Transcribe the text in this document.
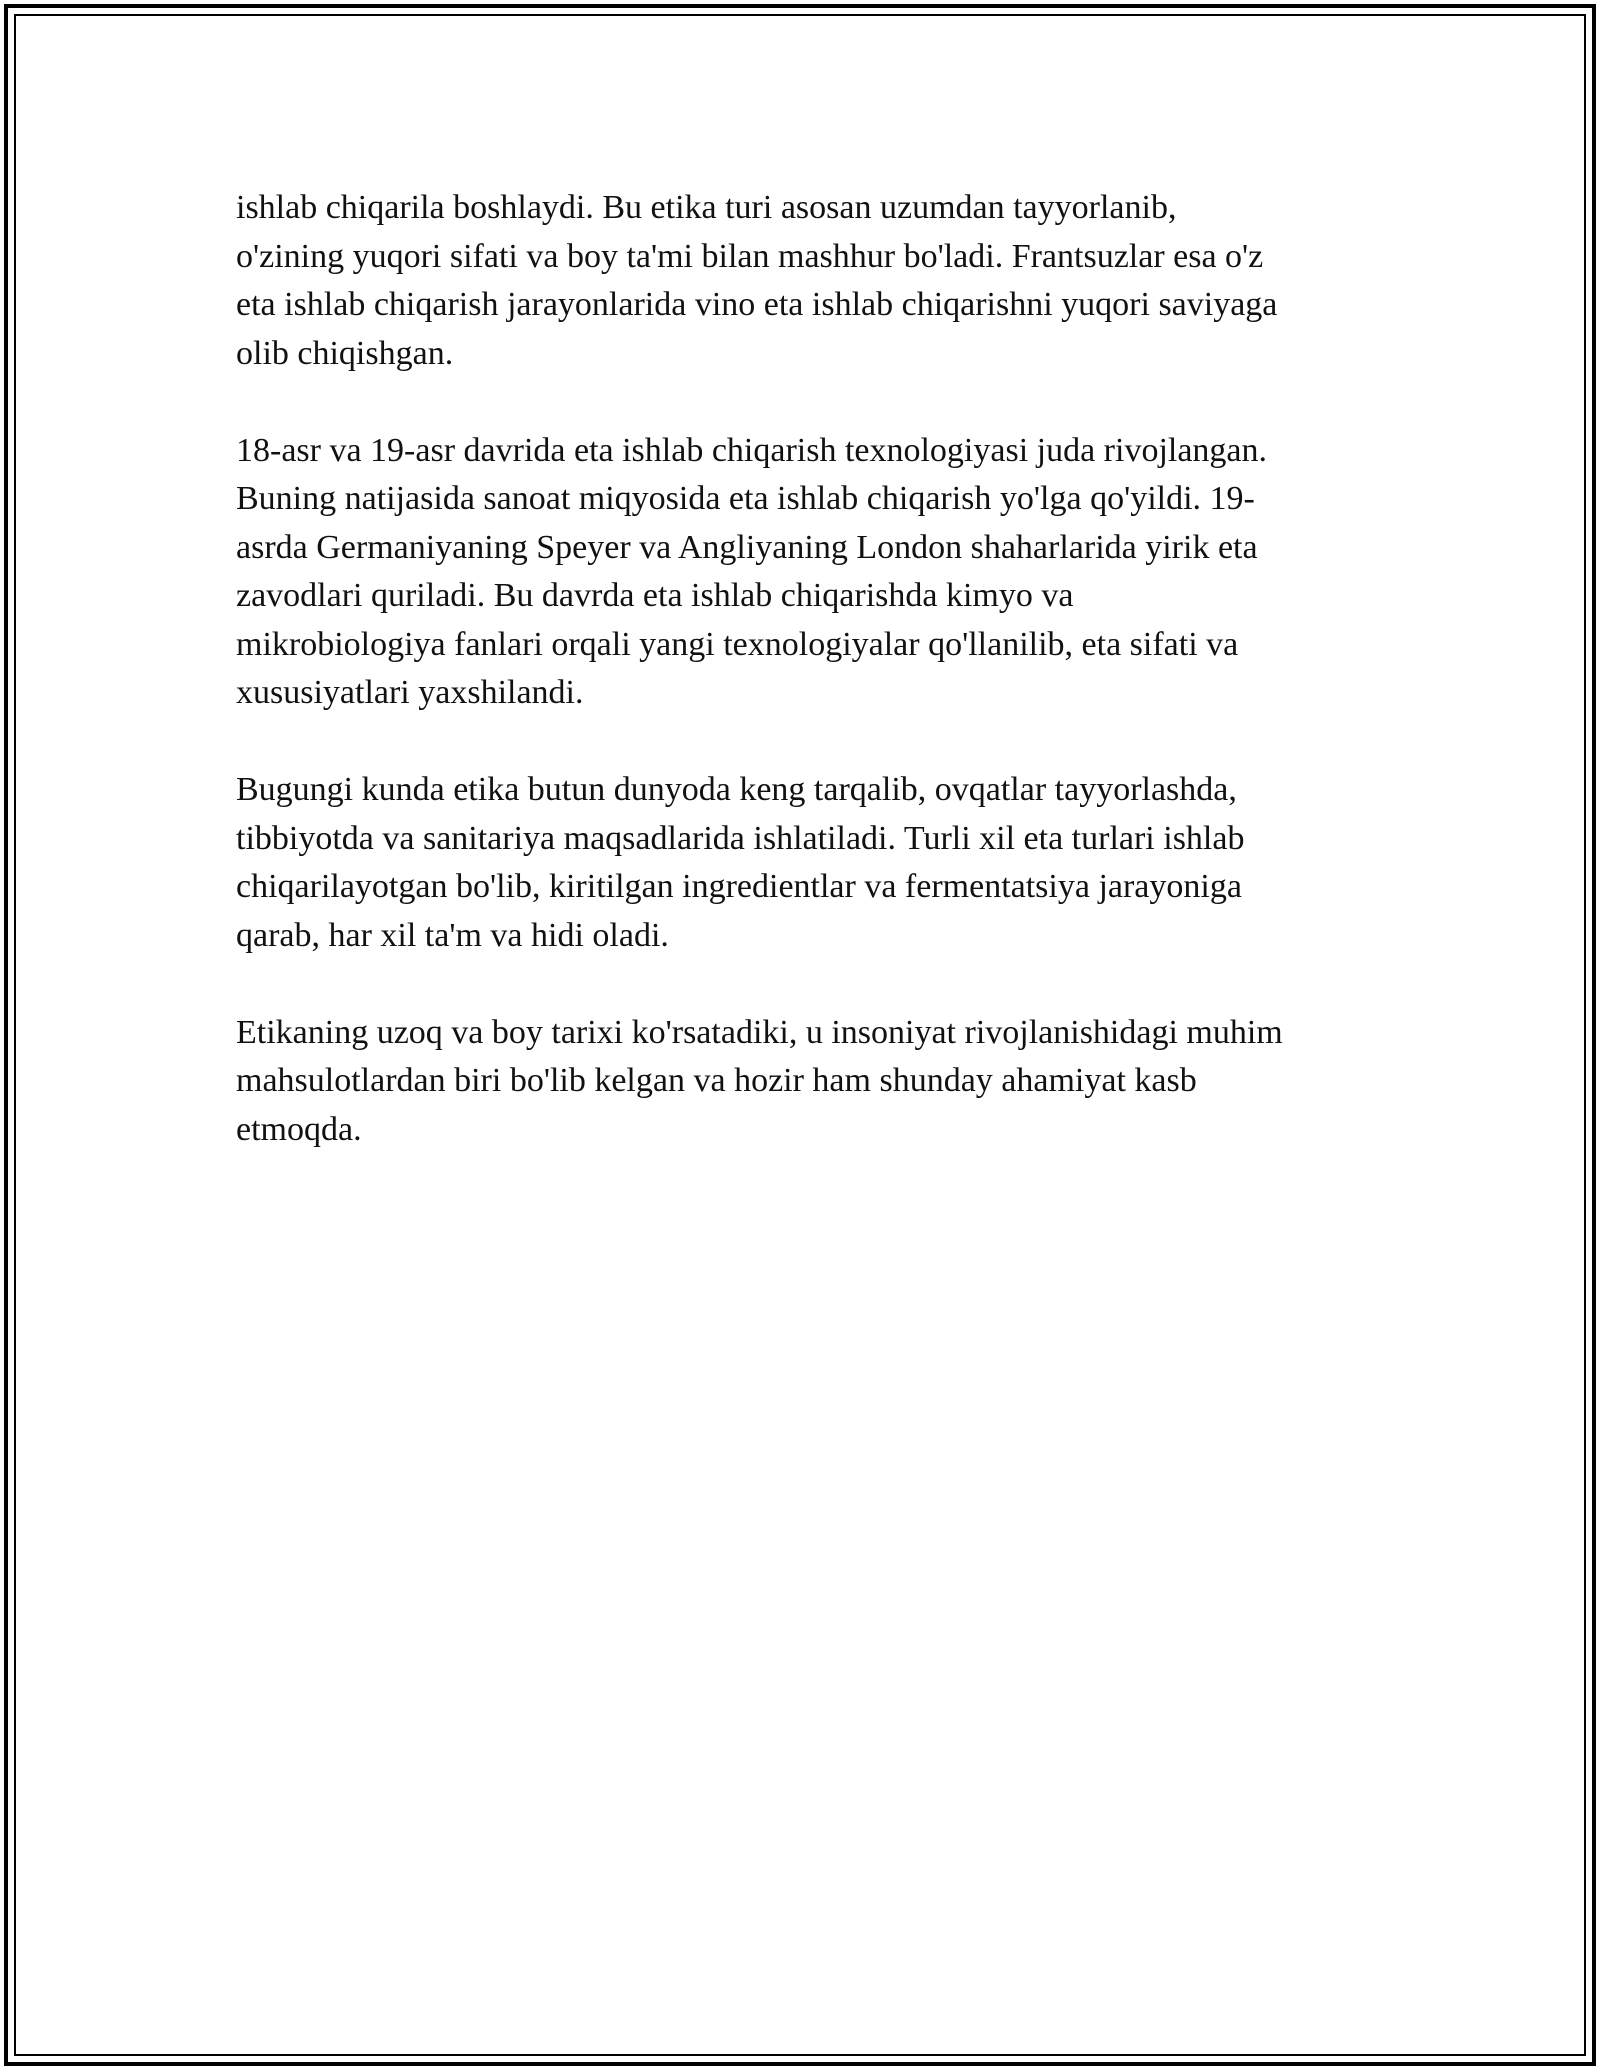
ishlab chiqarila boshlaydi. Bu etika turi asosan uzumdan tayyorlanib,
o'zining yuqori sifati va boy ta'mi bilan mashhur bo'ladi. Frantsuzlar esa o'z
eta ishlab chiqarish jarayonlarida vino eta ishlab chiqarishni yuqori saviyaga
olib chiqishgan.

18-asr va 19-asr davrida eta ishlab chiqarish texnologiyasi juda rivojlangan.
Buning natijasida sanoat miqyosida eta ishlab chiqarish yo'lga qo'yildi. 19-
asrda Germaniyaning Speyer va Angliyaning London shaharlarida yirik eta
zavodlari quriladi. Bu davrda eta ishlab chiqarishda kimyo va
mikrobiologiya fanlari orqali yangi texnologiyalar qo'llanilib, eta sifati va
xususiyatlari yaxshilandi.

Bugungi kunda etika butun dunyoda keng tarqalib, ovqatlar tayyorlashda,
tibbiyotda va sanitariya maqsadlarida ishlatiladi. Turli xil eta turlari ishlab
chiqarilayotgan bo'lib, kiritilgan ingredientlar va fermentatsiya jarayoniga
qarab, har xil ta'm va hidi oladi.

Etikaning uzoq va boy tarixi ko'rsatadiki, u insoniyat rivojlanishidagi muhim
mahsulotlardan biri bo'lib kelgan va hozir ham shunday ahamiyat kasb
etmoqda.
